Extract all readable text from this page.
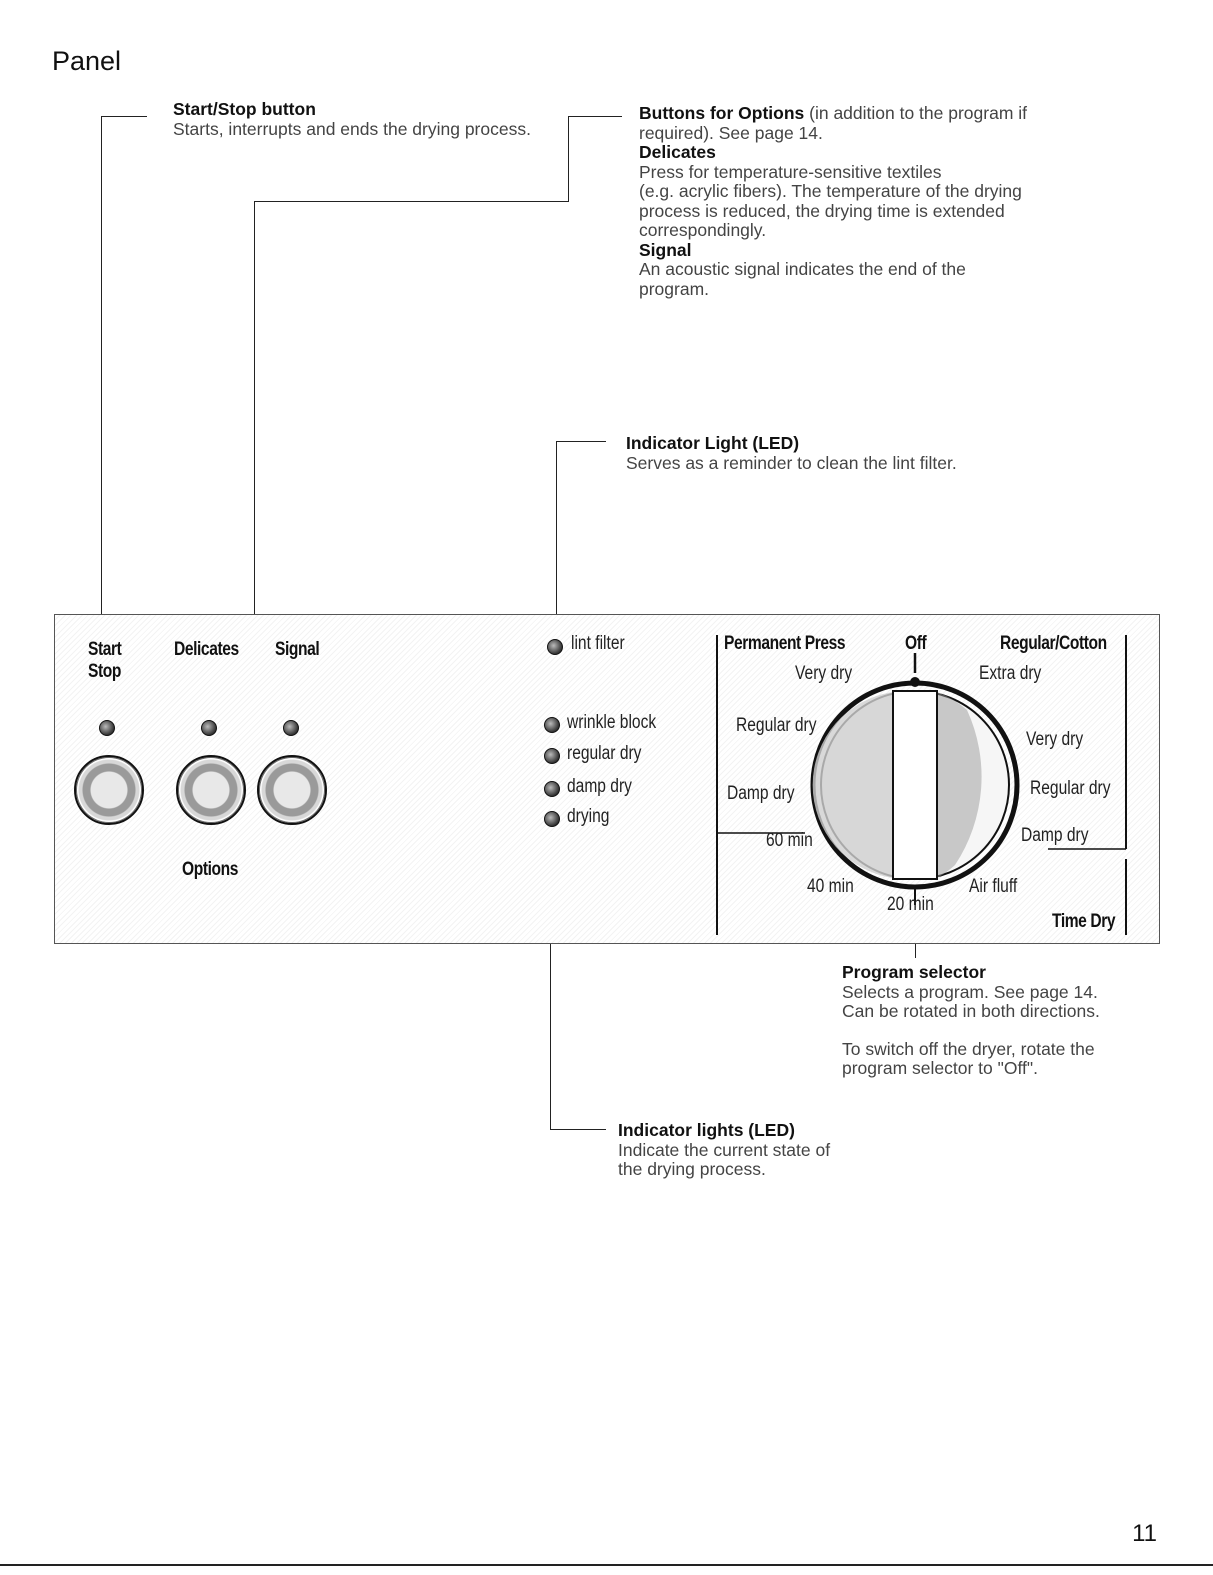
Panel
Start/Stop button
Starts, interrupts and ends the drying process.
Buttons for Options (in addition to the program if
required). See page 14.
Delicates
Press for temperature-sensitive textiles
(e.g. acrylic fibers). The temperature of the drying
process is reduced, the drying time is extended
correspondingly.
Signal
An acoustic signal indicates the end of the
program.
Indicator Light (LED)
Serves as a reminder to clean the lint filter.
Start
Stop
Delicates Signal
Options
lint filter
wrinkle block
regular dry
damp dry
drying
Permanent Press	Off	Regular/Cotton
Very dry
Regular dry
Damp dry
Extra dry
Very dry
Regular dry
Damp dry
60 min
40 min
20 min
Air fluff
Time Dry
Program selector
Selects a program. See page 14.
Can be rotated in both directions.
To switch off the dryer, rotate the
program selector to "Off".
Indicator lights (LED)
Indicate the current state of
the drying process.
11
